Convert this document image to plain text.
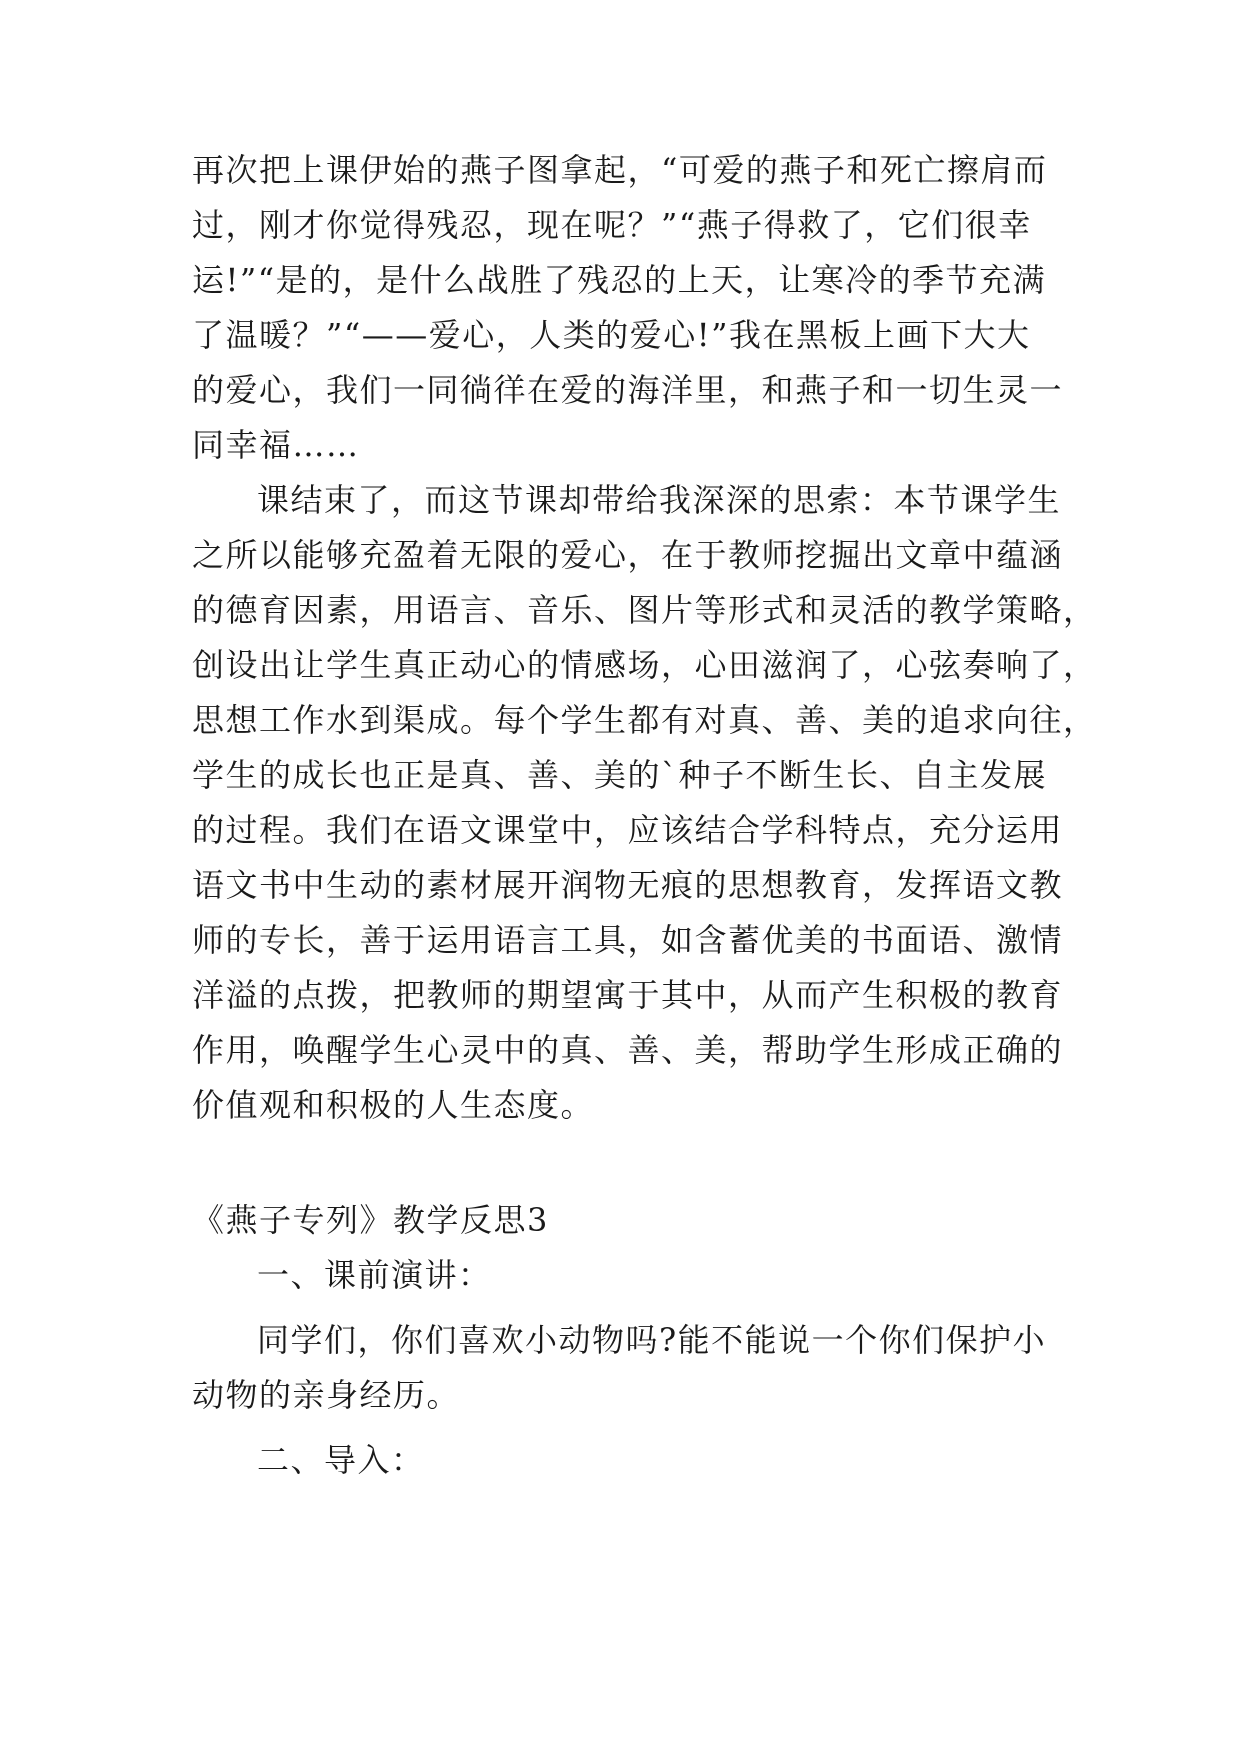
再次把上课伊始的燕子图拿起，“可爱的燕子和死亡擦肩而
过，刚才你觉得残忍，现在呢？”“燕子得救了，它们很幸
运!”“是的，是什么战胜了残忍的上天，让寒冷的季节充满
了温暖？”“——爱心，人类的爱心!”我在黑板上画下大大
的爱心，我们一同徜徉在爱的海洋里，和燕子和一切生灵一
同幸福……
课结束了，而这节课却带给我深深的思索：本节课学生
之所以能够充盈着无限的爱心，在于教师挖掘出文章中蕴涵
的德育因素，用语言、音乐、图片等形式和灵活的教学策略，
创设出让学生真正动心的情感场，心田滋润了，心弦奏响了，
思想工作水到渠成。每个学生都有对真、善、美的追求向往，
学生的成长也正是真、善、美的`种子不断生长、自主发展
的过程。我们在语文课堂中，应该结合学科特点，充分运用
语文书中生动的素材展开润物无痕的思想教育，发挥语文教
师的专长，善于运用语言工具，如含蓄优美的书面语、激情
洋溢的点拨，把教师的期望寓于其中，从而产生积极的教育
作用，唤醒学生心灵中的真、善、美，帮助学生形成正确的
价值观和积极的人生态度。
《燕子专列》教学反思3
一、课前演讲：
同学们，你们喜欢小动物吗?能不能说一个你们保护小
动物的亲身经历。
二、导入：
